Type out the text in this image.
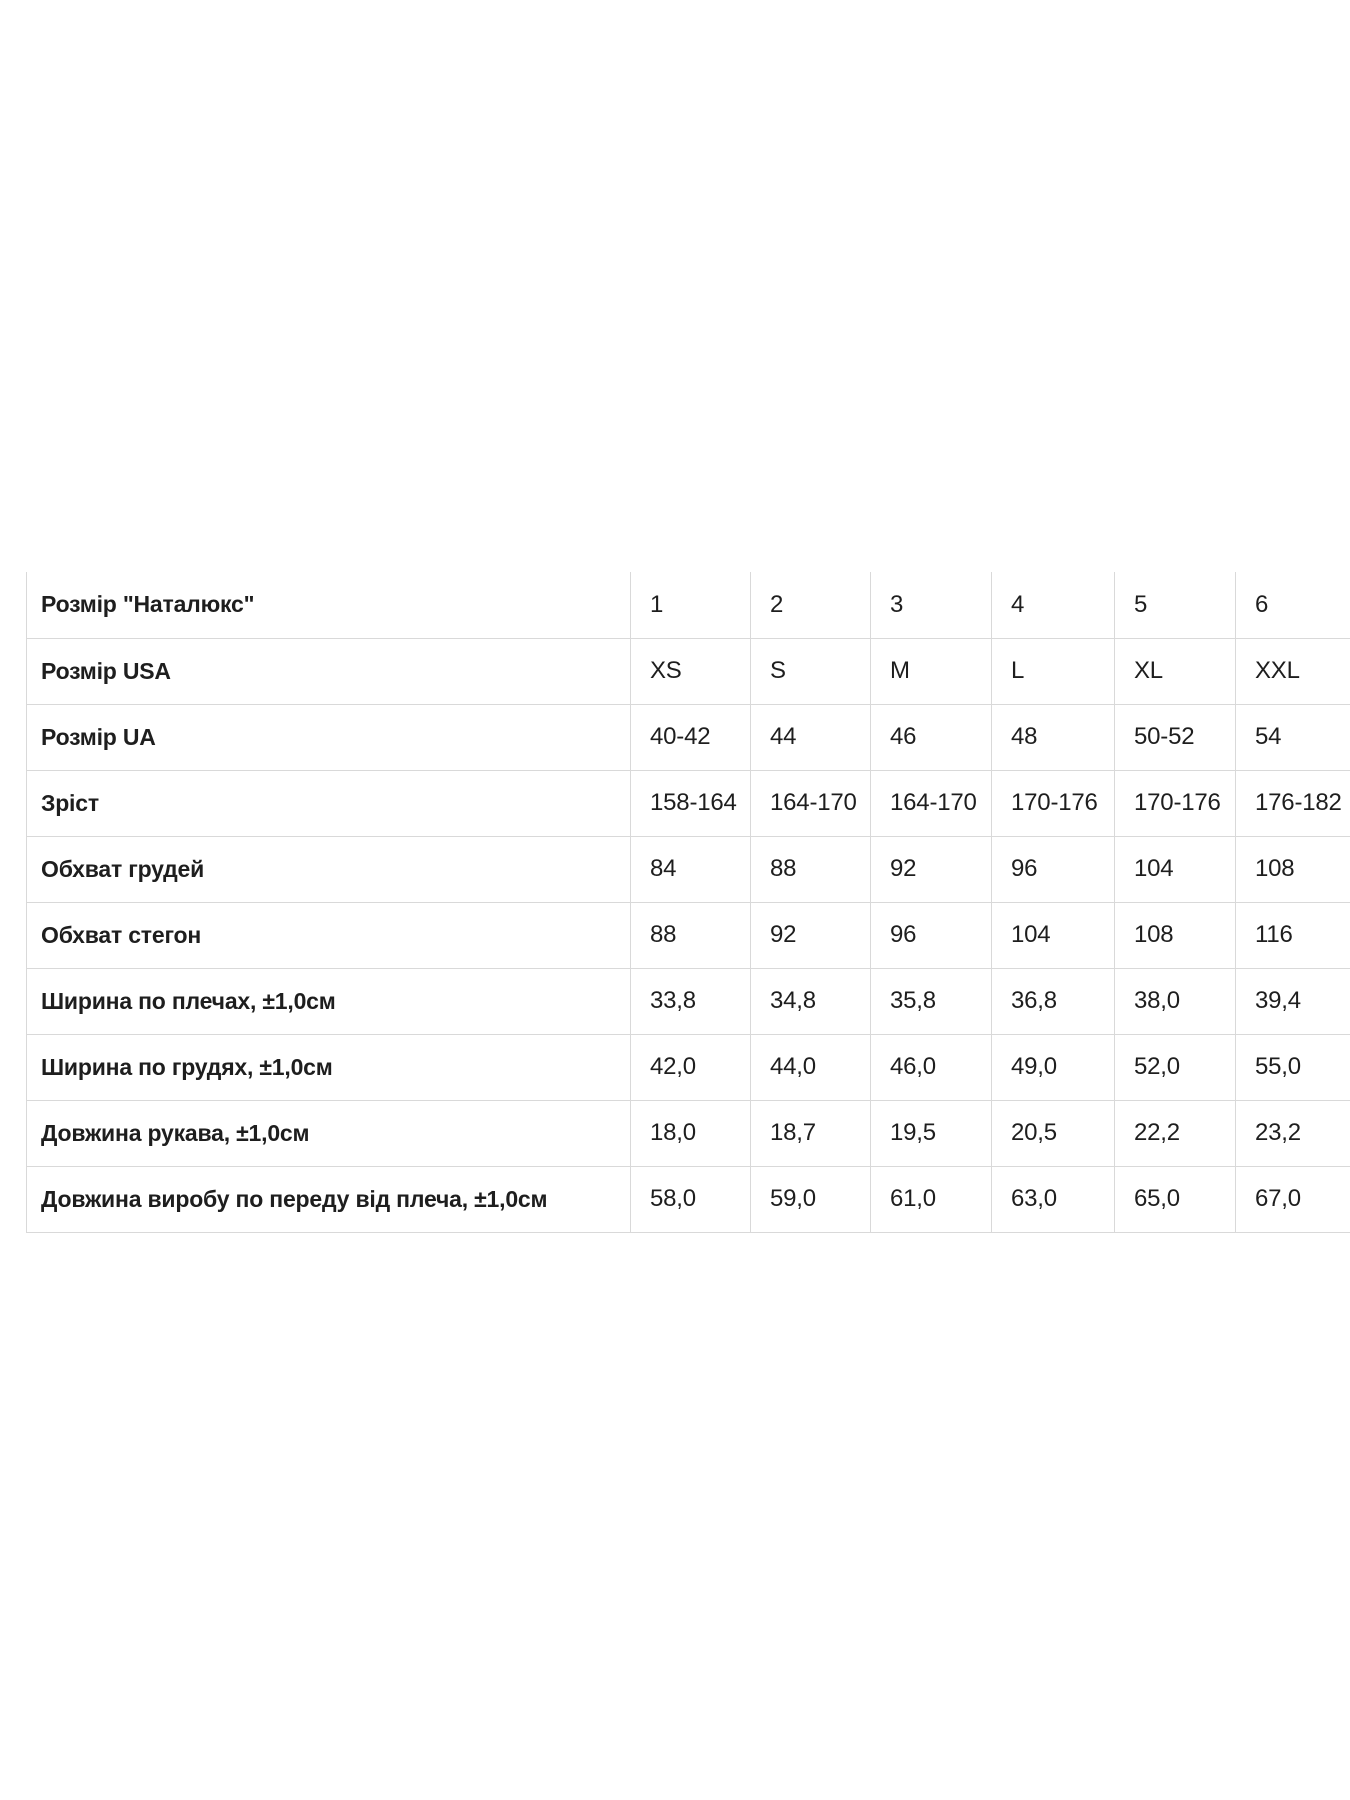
Розмір "Наталюкс"	1	2	3	4	5	6
Розмір USA	XS	S	M	L	XL	XXL
Розмір UA	40-42	44	46	48	50-52	54
Зріст	158-164	164-170	164-170	170-176	170-176	176-182
Обхват грудей	84	88	92	96	104	108
Обхват стегон	88	92	96	104	108	116
Ширина по плечах, ±1,0см	33,8	34,8	35,8	36,8	38,0	39,4
Ширина по грудях, ±1,0см	42,0	44,0	46,0	49,0	52,0	55,0
Довжина рукава, ±1,0см	18,0	18,7	19,5	20,5	22,2	23,2
Довжина виробу по переду від плеча, ±1,0см	58,0	59,0	61,0	63,0	65,0	67,0
